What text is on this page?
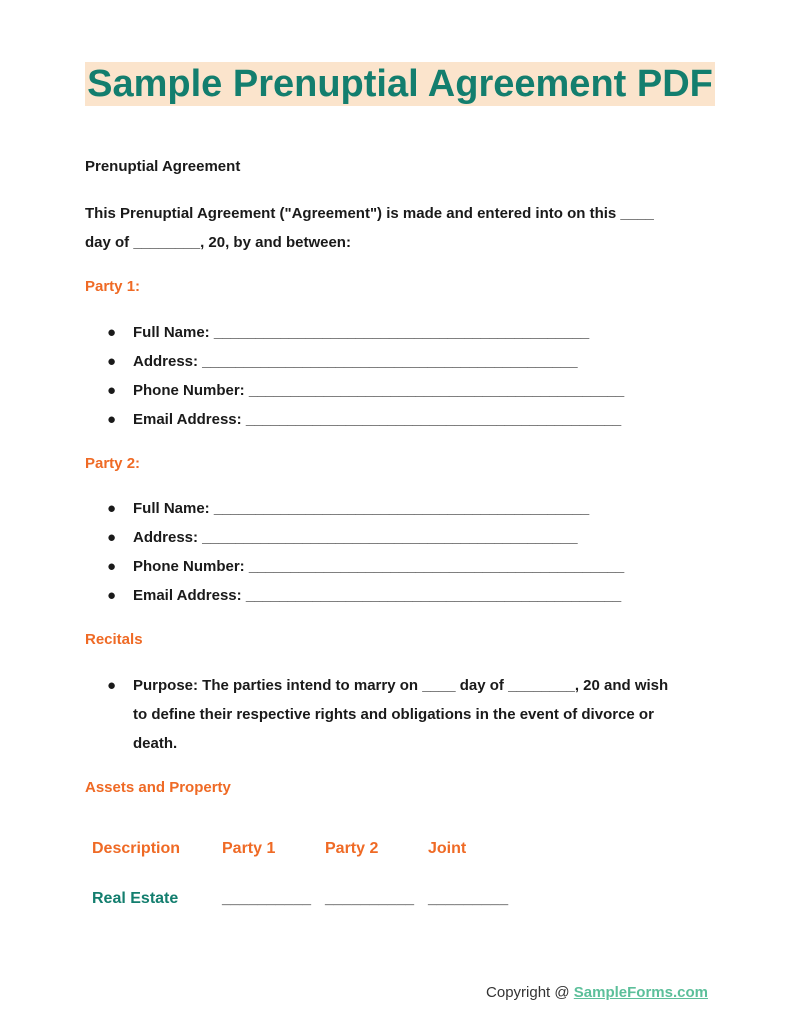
Sample Prenuptial Agreement PDF
Prenuptial Agreement
This Prenuptial Agreement ("Agreement") is made and entered into on this ____
day of ________, 20, by and between:
Party 1:
● Full Name: _____________________________________________
● Address: _____________________________________________
● Phone Number: _____________________________________________
● Email Address: _____________________________________________
Party 2:
● Full Name: _____________________________________________
● Address: _____________________________________________
● Phone Number: _____________________________________________
● Email Address: _____________________________________________
Recitals
● Purpose: The parties intend to marry on ____ day of ________, 20 and wish
to define their respective rights and obligations in the event of divorce or
death.
Assets and Property
Description	Party 1	Party 2	Joint
Real Estate	__________ __________ _________
Copyright @ SampleForms.com
